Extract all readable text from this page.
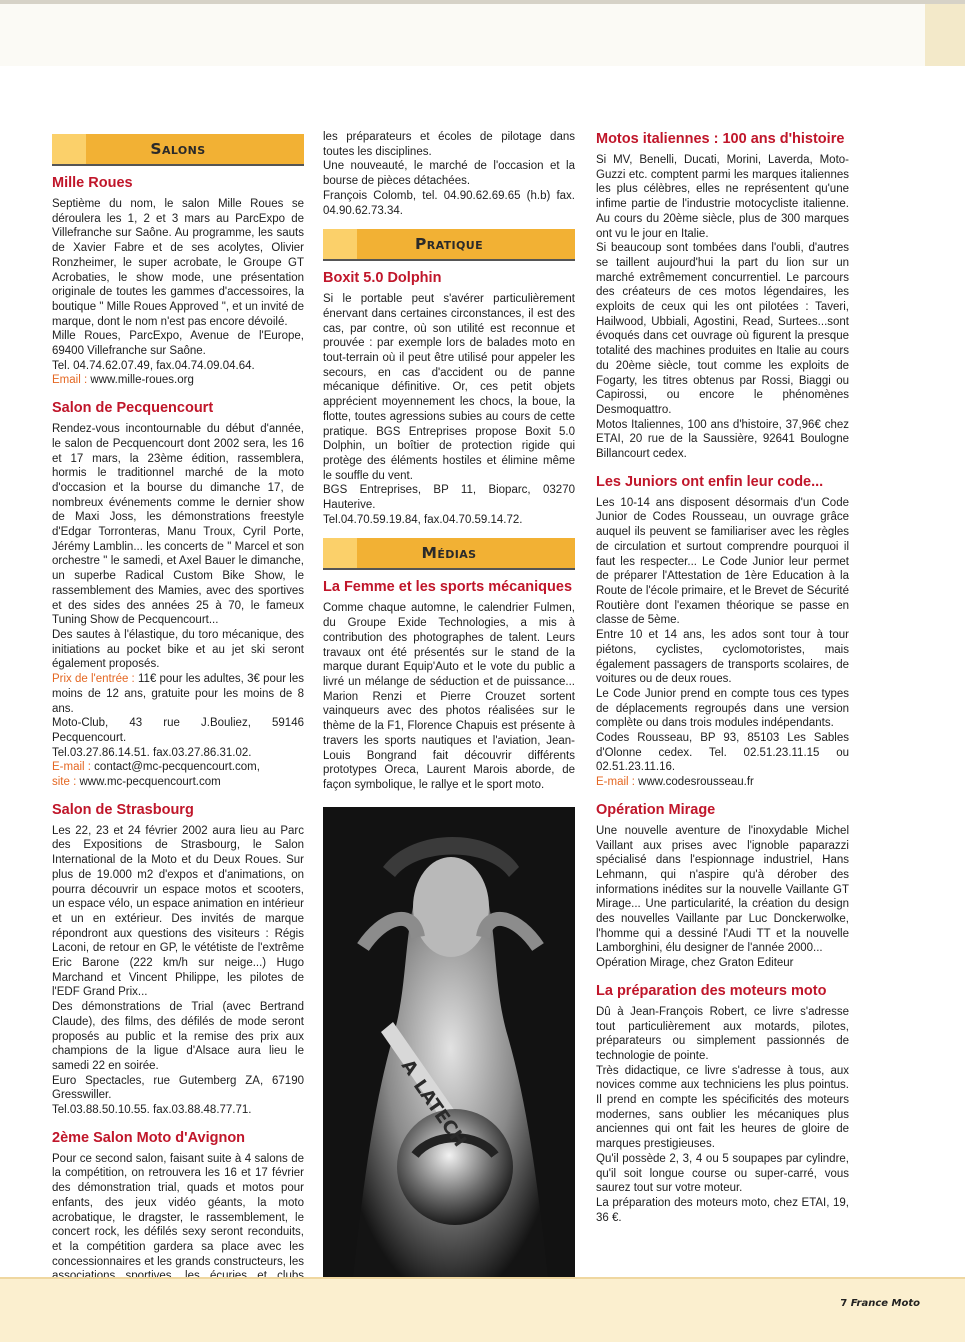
Salons
Mille Roues

Septième du nom, le salon Mille Roues se déroulera les 1, 2 et 3 mars au ParcExpo de Villefranche sur Saône. Au programme, les sauts de Xavier Fabre et de ses acolytes, Olivier Ronzheimer, le super acrobate, le Groupe GT Acrobaties, le show mode, une présentation originale de toutes les gammes d'accessoires, la boutique " Mille Roues Approved ", et un invité de marque, dont le nom n'est pas encore dévoilé.

Mille Roues, ParcExpo, Avenue de l'Europe, 69400 Villefranche sur Saône.

Tel. 04.74.62.07.49, fax.04.74.09.04.64.

Email : www.mille-roues.org

Salon de Pecquencourt

Rendez-vous incontournable du début d'année, le salon de Pecquencourt dont 2002 sera, les 16 et 17 mars, la 23ème édition, rassemblera, hormis le traditionnel marché de la moto d'occasion et la bourse du dimanche 17, de nombreux événements comme le dernier show de Maxi Joss, les démonstrations freestyle d'Edgar Torronteras, Manu Troux, Cyril Porte, Jérémy Lamblin... les concerts de " Marcel et son orchestre " le samedi, et Axel Bauer le dimanche, un superbe Radical Custom Bike Show, le rassemblement des Mamies, avec des sportives et des sides des années 25 à 70, le fameux Tuning Show de Pecquencourt...

Des sautes à l'élastique, du toro mécanique, des initiations au pocket bike et au jet ski seront également proposés.

Prix de l'entrée : 11€ pour les adultes, 3€ pour les moins de 12 ans, gratuite pour les moins de 8 ans.

Moto-Club, 43 rue J.Bouliez, 59146 Pecquencourt.

Tel.03.27.86.14.51. fax.03.27.86.31.02.

E-mail : contact@mc-pecquencourt.com,

site : www.mc-pecquencourt.com

Salon de Strasbourg

Les 22, 23 et 24 février 2002 aura lieu au Parc des Expositions de Strasbourg, le Salon International de la Moto et du Deux Roues. Sur plus de 19.000 m2 d'expos et d'animations, on pourra découvrir un espace motos et scooters, un espace vélo, un espace animation en intérieur et un en extérieur. Des invités de marque répondront aux questions des visiteurs : Régis Laconi, de retour en GP, le vététiste de l'extrême Eric Barone (222 km/h sur neige...) Hugo Marchand et Vincent Philippe, les pilotes de l'EDF Grand Prix...

Des démonstrations de Trial (avec Bertrand Claude), des films, des défilés de mode seront proposés au public et la remise des prix aux champions de la ligue d'Alsace aura lieu le samedi 22 en soirée.

Euro Spectacles, rue Gutemberg ZA, 67190 Gresswiller.

Tel.03.88.50.10.55. fax.03.88.48.77.71.

2ème Salon Moto d'Avignon

Pour ce second salon, faisant suite à 4 salons de la compétition, on retrouvera les 16 et 17 février des démonstration trial, quads et motos pour enfants, des jeux vidéo géants, la moto acrobatique, le dragster, le rassemblement, le concert rock, les défilés sexy seront reconduits, et la compétition gardera sa place avec les concessionnaires et les grands constructeurs, les

les préparateurs et écoles de pilotage dans toutes les disciplines.

Une nouveauté, le marché de l'occasion et la bourse de pièces détachées.

François Colomb, tel. 04.90.62.69.65 (h.b) fax. 04.90.62.73.34.

Pratique
Boxit 5.0 Dolphin

Si le portable peut s'avérer particulièrement énervant dans certaines circonstances, il est des cas, par contre, où son utilité est reconnue et prouvée : par exemple lors de balades moto en tout-terrain où il peut être utilisé pour appeler les secours, en cas d'accident ou de panne mécanique définitive. Or, ces petit objets apprécient moyennement les chocs, la boue, la flotte, toutes agressions subies au cours de cette pratique. BGS Entreprises propose Boxit 5.0 Dolphin, un boîtier de protection rigide qui protège des éléments hostiles et élimine même le souffle du vent.

BGS Entreprises, BP 11, Bioparc, 03270 Hauterive.

Tel.04.70.59.19.84, fax.04.70.59.14.72.

Médias
La Femme et les sports mécaniques

Comme chaque automne, le calendrier Fulmen, du Groupe Exide Technologies, a mis à contribution des photographes de talent. Leurs travaux ont été présentés sur le stand de la marque durant Equip'Auto et le vote du public a livré un mélange de séduction et de puissance... Marion Renzi et Pierre Crouzet sortent vainqueurs avec des photos réalisées sur le thème de la F1, Florence Chapuis est présente à travers les sports nautiques et l'aviation, Jean-Louis Bongrand fait découvrir différents prototypes Oreca, Laurent Marois aborde, de façon symbolique, le rallye et le sport moto.

A
LATECH
Motos italiennes : 100 ans d'histoire

Si MV, Benelli, Ducati, Morini, Laverda, Moto-Guzzi etc. comptent parmi les marques italiennes les plus célèbres, elles ne représentent qu'une infime partie de l'industrie motocycliste italienne. Au cours du 20ème siècle, plus de 300 marques ont vu le jour en Italie.

Si beaucoup sont tombées dans l'oubli, d'autres se taillent aujourd'hui la part du lion sur un marché extrêmement concurrentiel. Le parcours des créateurs de ces motos légendaires, les exploits de ceux qui les ont pilotées : Taveri, Hailwood, Ubbiali, Agostini, Read, Surtees...sont évoqués dans cet ouvrage où figurent la presque totalité des machines produites en Italie au cours du 20ème siècle, tout comme les exploits de Fogarty, les titres obtenus par Rossi, Biaggi ou Capirossi, ou encore le phénomènes Desmoquattro.

Motos Italiennes, 100 ans d'histoire, 37,96€ chez ETAI, 20 rue de la Saussière, 92641 Boulogne Billancourt cedex.

Les Juniors ont enfin leur code...

Les 10-14 ans disposent désormais d'un Code Junior de Codes Rousseau, un ouvrage grâce auquel ils peuvent se familiariser avec les règles de circulation et surtout comprendre pourquoi il faut les respecter... Le Code Junior leur permet de préparer l'Attestation de 1ère Education à la Route de l'école primaire, et le Brevet de Sécurité Routière dont l'examen théorique se passe en classe de 5ème.

Entre 10 et 14 ans, les ados sont tour à tour piétons, cyclistes, cyclomotoristes, mais également passagers de transports scolaires, de voitures ou de deux roues.

Le Code Junior prend en compte tous ces types de déplacements regroupés dans une version complète ou dans trois modules indépendants.

Codes Rousseau, BP 93, 85103 Les Sables d'Olonne cedex. Tel. 02.51.23.11.15 ou 02.51.23.11.16.

E-mail : www.codesrousseau.fr

Opération Mirage

Une nouvelle aventure de l'inoxydable Michel Vaillant aux prises avec l'ignoble paparazzi spécialisé dans l'espionnage industriel, Hans Lehmann, qui n'aspire qu'à dérober des informations inédites sur la nouvelle Vaillante GT Mirage... Une particularité, la création du design des nouvelles Vaillante par Luc Donckerwolke, l'homme qui a dessiné l'Audi TT et la nouvelle Lamborghini, élu designer de l'année 2000...

Opération Mirage, chez Graton Editeur

La préparation des moteurs moto

Dû à Jean-François Robert, ce livre s'adresse tout particulièrement aux motards, pilotes, préparateurs ou simplement passionnés de technologie de pointe.

Très didactique, ce livre s'adresse à tous, aux novices comme aux techniciens les plus pointus. Il prend en compte les spécificités des moteurs modernes, sans oublier les mécaniques plus anciennes qui ont fait les heures de gloire de marques prestigieuses.

Qu'il possède 2, 3, 4 ou 5 soupapes par cylindre, qu'il soit longue course ou super-carré, vous saurez tout sur votre moteur.

La préparation des moteurs moto, chez ETAI, 19, 36 €.

7 France Moto
